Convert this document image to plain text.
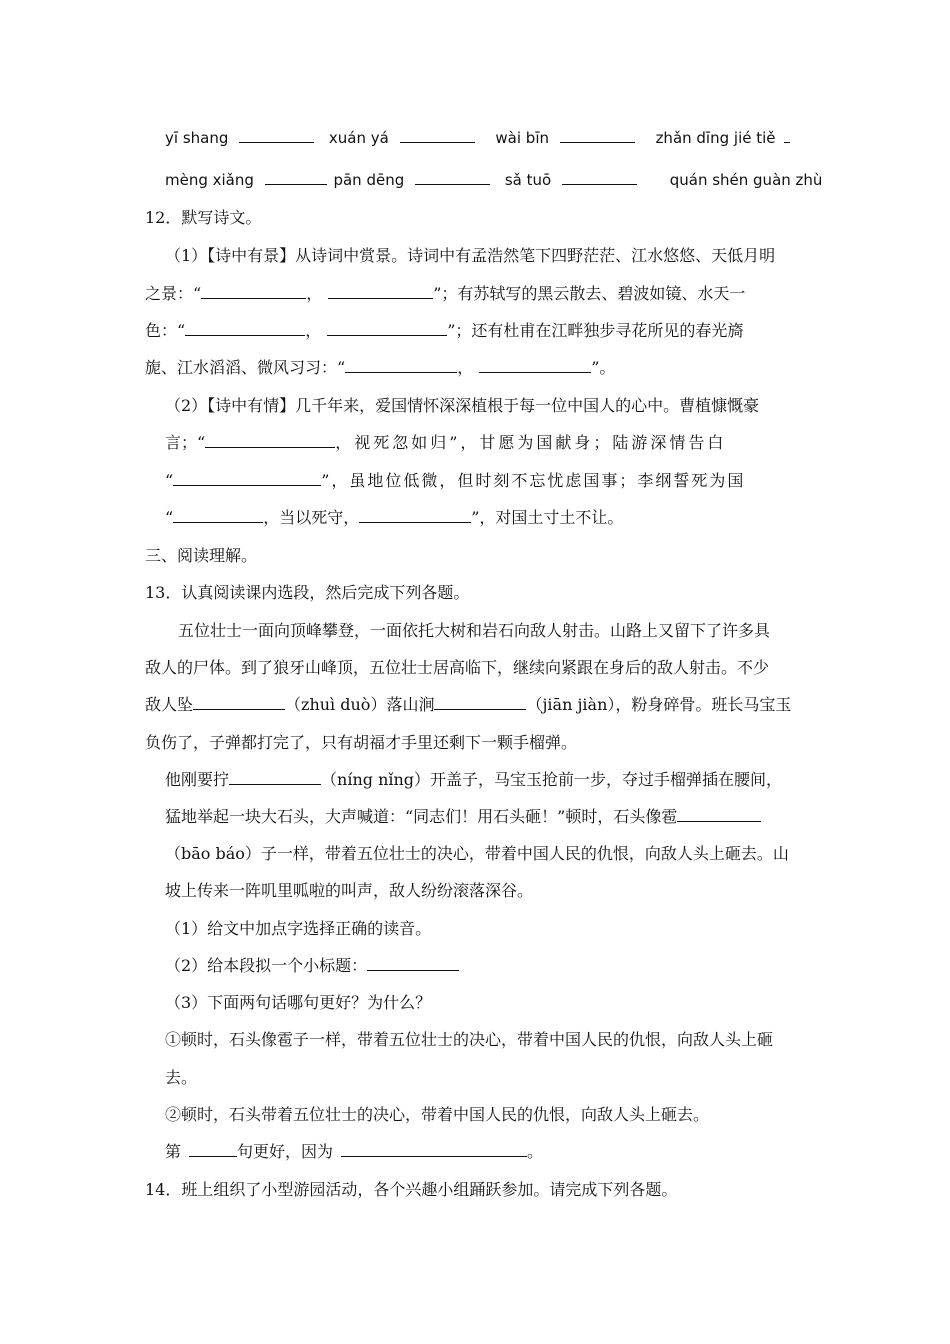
yī shang	xuán yá	wài bīn	zhǎn dīng jié tiě
mèng xiǎng	pān dēng	sǎ tuō	quán shén guàn zhù
12．默写诗文。
（1）【诗中有景】从诗词中赏景。诗词中有孟浩然笔下四野茫茫、江水悠悠、天低月明
之景：“	，	”；有苏轼写的黑云散去、碧波如镜、水天一
色：“	，	”；还有杜甫在江畔独步寻花所见的春光旖
旎、江水滔滔、微风习习：“	，	”。
（2）【诗中有情】几千年来，爱国情怀深深植根于每一位中国人的心中。曹植慷慨豪
言；“	，视死忽如归”，甘愿为国献身；陆游深情告白
“	”，虽地位低微，但时刻不忘忧虑国事；李纲誓死为国
“	，当以死守，	”，对国土寸土不让。
三、阅读理解。
13．认真阅读课内选段，然后完成下列各题。
五位壮士一面向顶峰攀登，一面依托大树和岩石向敌人射击。山路上又留下了许多具
敌人的尸体。到了狼牙山峰顶，五位壮士居高临下，继续向紧跟在身后的敌人射击。不少
敌人坠	（zhuì duò）落山涧	（jiān jiàn），粉身碎骨。班长马宝玉
负伤了，子弹都打完了，只有胡福才手里还剩下一颗手榴弹。
他刚要拧	（níng nǐng）开盖子，马宝玉抢前一步，夺过手榴弹插在腰间，
猛地举起一块大石头，大声喊道：“同志们！用石头砸！”顿时，石头像雹
（bāo báo）子一样，带着五位壮士的决心，带着中国人民的仇恨，向敌人头上砸去。山
坡上传来一阵叽里呱啦的叫声，敌人纷纷滚落深谷。
（1）给文中加点字选择正确的读音。
（2）给本段拟一个小标题：
（3）下面两句话哪句更好？为什么？
①顿时，石头像雹子一样，带着五位壮士的决心，带着中国人民的仇恨，向敌人头上砸
去。
②顿时，石头带着五位壮士的决心，带着中国人民的仇恨，向敌人头上砸去。
第	句更好，因为	。
14．班上组织了小型游园活动，各个兴趣小组踊跃参加。请完成下列各题。
